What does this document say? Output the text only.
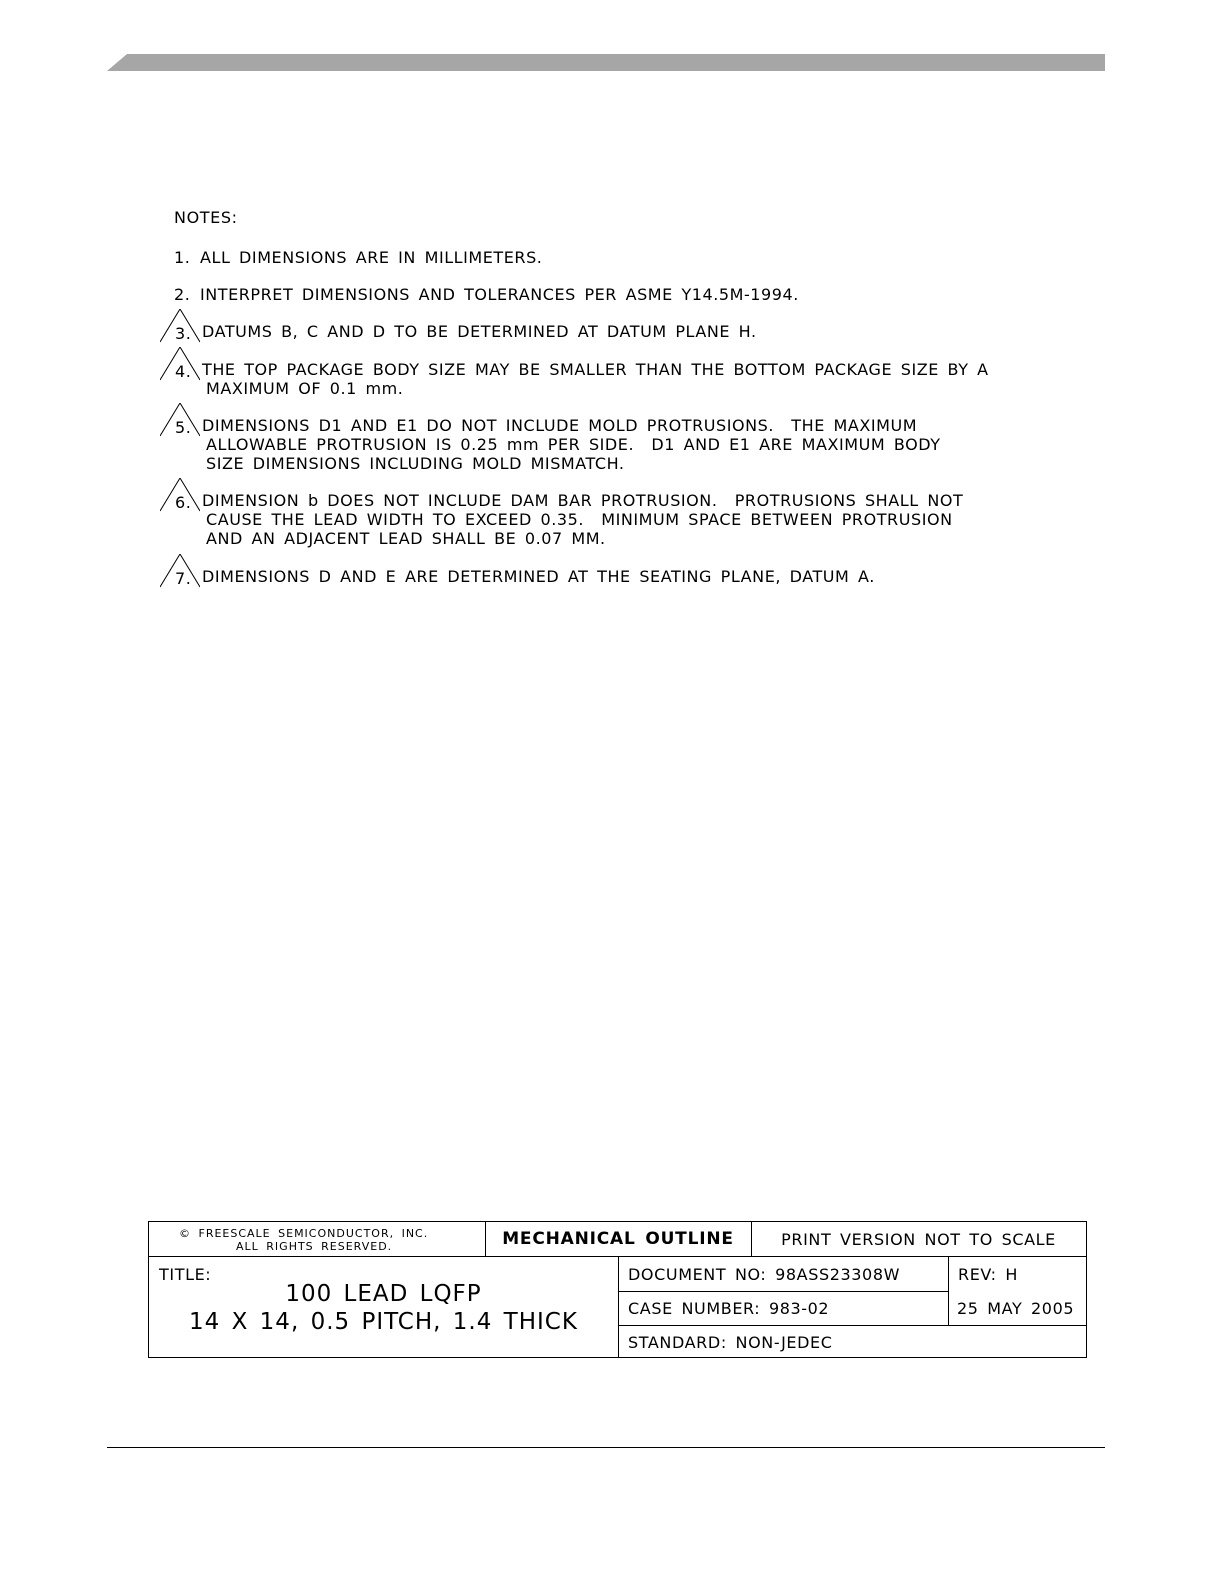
NOTES:
1. ALL DIMENSIONS ARE IN MILLIMETERS.
2. INTERPRET DIMENSIONS AND TOLERANCES PER ASME Y14.5M-1994.
3. DATUMS B, C AND D TO BE DETERMINED AT DATUM PLANE H.
4. THE TOP PACKAGE BODY SIZE MAY BE SMALLER THAN THE BOTTOM PACKAGE SIZE BY A
MAXIMUM OF 0.1 mm.
5. DIMENSIONS D1 AND E1 DO NOT INCLUDE MOLD PROTRUSIONS.  THE MAXIMUM
ALLOWABLE PROTRUSION IS 0.25 mm PER SIDE.  D1 AND E1 ARE MAXIMUM BODY
SIZE DIMENSIONS INCLUDING MOLD MISMATCH.
6. DIMENSION b DOES NOT INCLUDE DAM BAR PROTRUSION.  PROTRUSIONS SHALL NOT
CAUSE THE LEAD WIDTH TO EXCEED 0.35.  MINIMUM SPACE BETWEEN PROTRUSION
AND AN ADJACENT LEAD SHALL BE 0.07 MM.
7. DIMENSIONS D AND E ARE DETERMINED AT THE SEATING PLANE, DATUM A.
© FREESCALE SEMICONDUCTOR, INC.
ALL RIGHTS RESERVED.	MECHANICAL OUTLINE	PRINT VERSION NOT TO SCALE
TITLE:
100 LEAD LQFP
14 X 14, 0.5 PITCH, 1.4 THICK
DOCUMENT NO: 98ASS23308W	REV: H
CASE NUMBER: 983-02	25 MAY 2005
STANDARD: NON-JEDEC
